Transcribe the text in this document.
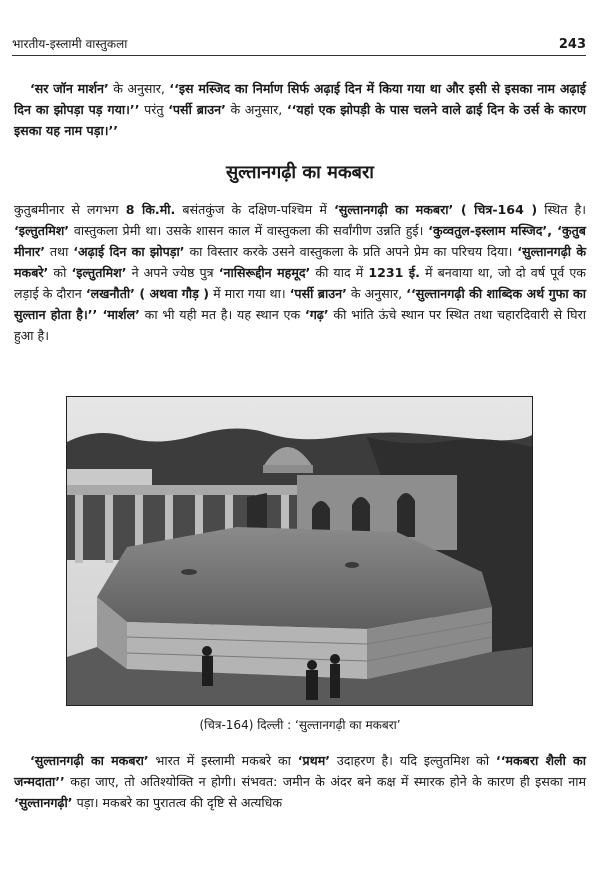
भारतीय-इस्लामी वास्तुकला	243
‘सर जॉन मार्शन’ के अनुसार, ‘‘इस मस्जिद का निर्माण सिर्फ अढ़ाई दिन में किया गया था और इसी से इसका नाम अढ़ाई दिन का झोपड़ा पड़ गया।’’ परंतु ‘पर्सी ब्राउन’ के अनुसार, ‘‘यहां एक झोपड़ी के पास चलने वाले ढाई दिन के उर्स के कारण इसका यह नाम पड़ा।’’
सुल्तानगढ़ी का मकबरा
कुतुबमीनार से लगभग 8 कि.मी. बसंतकुंज के दक्षिण-पश्चिम में ‘सुल्तानगढ़ी का मकबरा’ ( चित्र-164 ) स्थित है। ‘इल्तुतमिश’ वास्तुकला प्रेमी था। उसके शासन काल में वास्तुकला की सर्वांगीण उन्नति हुई। ‘कुव्वतुल-इस्लाम मस्जिद’, ‘कुतुब मीनार’ तथा ‘अढ़ाई दिन का झोपड़ा’ का विस्तार करके उसने वास्तुकला के प्रति अपने प्रेम का परिचय दिया। ‘सुल्तानगढ़ी के मकबरे’ को ‘इल्तुतमिश’ ने अपने ज्येष्ठ पुत्र ‘नासिरूद्दीन महमूद’ की याद में 1231 ई. में बनवाया था, जो दो वर्ष पूर्व एक लड़ाई के दौरान ‘लखनौती’ ( अथवा गौड़ ) में मारा गया था। ‘पर्सी ब्राउन’ के अनुसार, ‘‘सुल्तानगढ़ी की शाब्दिक अर्थ गुफा का सुल्तान होता है।’’ ‘मार्शल’ का भी यही मत है। यह स्थान एक ‘गढ़’ की भांति ऊंचे स्थान पर स्थित तथा चहारदिवारी से घिरा हुआ है।
(चित्र-164) दिल्ली : ‘सुल्तानगढ़ी का मकबरा’
‘सुल्तानगढ़ी का मकबरा’ भारत में इस्लामी मकबरे का ‘प्रथम’ उदाहरण है। यदि इल्तुतमिश को ‘‘मकबरा शैली का जन्मदाता’’ कहा जाए, तो अतिश्योक्ति न होगी। संभवत: जमीन के अंदर बने कक्ष में स्मारक होने के कारण ही इसका नाम ‘सुल्तानगढ़ी’ पड़ा। मकबरे का पुरातत्व की दृष्टि से अत्यधिक
